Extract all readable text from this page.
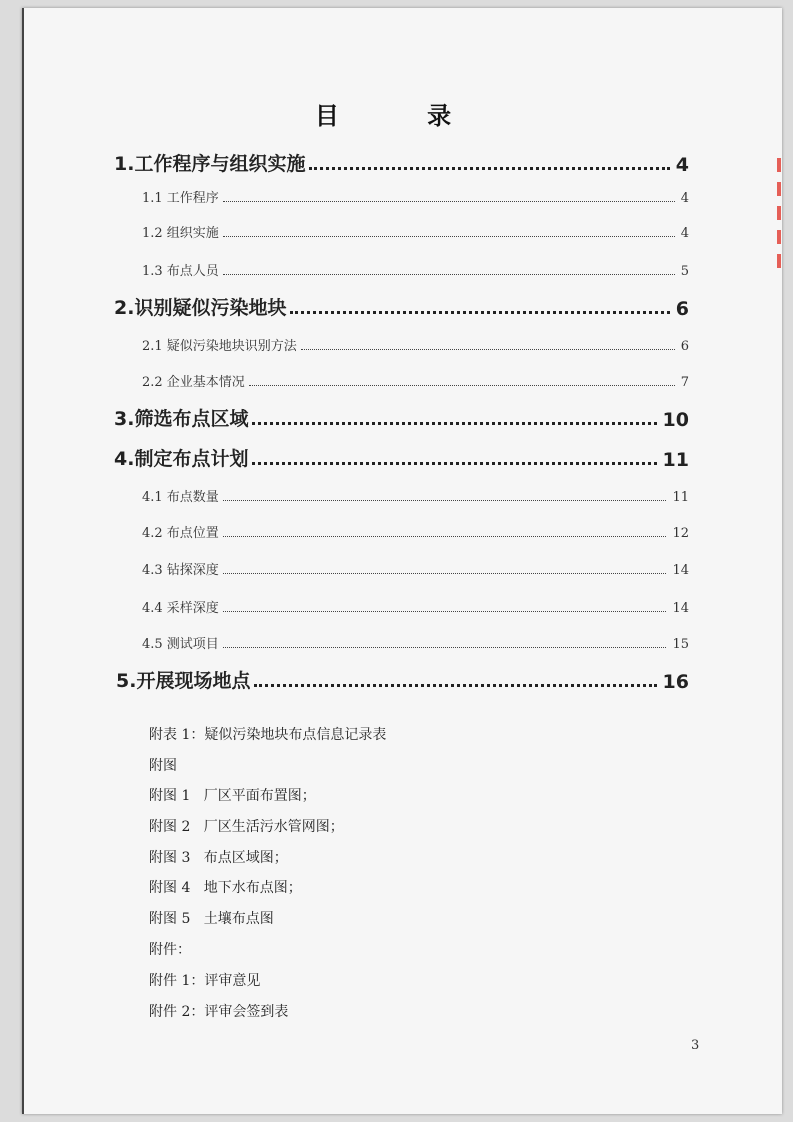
目 录
1.工作程序与组织实施	4
1.1 工作程序	4
1.2 组织实施	4
1.3 布点人员	5
2.识别疑似污染地块	6
2.1 疑似污染地块识别方法	6
2.2 企业基本情况	7
3.筛选布点区域	10
4.制定布点计划	11
4.1 布点数量	11
4.2 布点位置	12
4.3 钻探深度	14
4.4 采样深度	14
4.5 测试项目	15
5.开展现场地点	16
附表 1：疑似污染地块布点信息记录表
附图
附图 1   厂区平面布置图；
附图 2   厂区生活污水管网图；
附图 3   布点区域图；
附图 4   地下水布点图；
附图 5   土壤布点图
附件：
附件 1：评审意见
附件 2：评审会签到表
3
